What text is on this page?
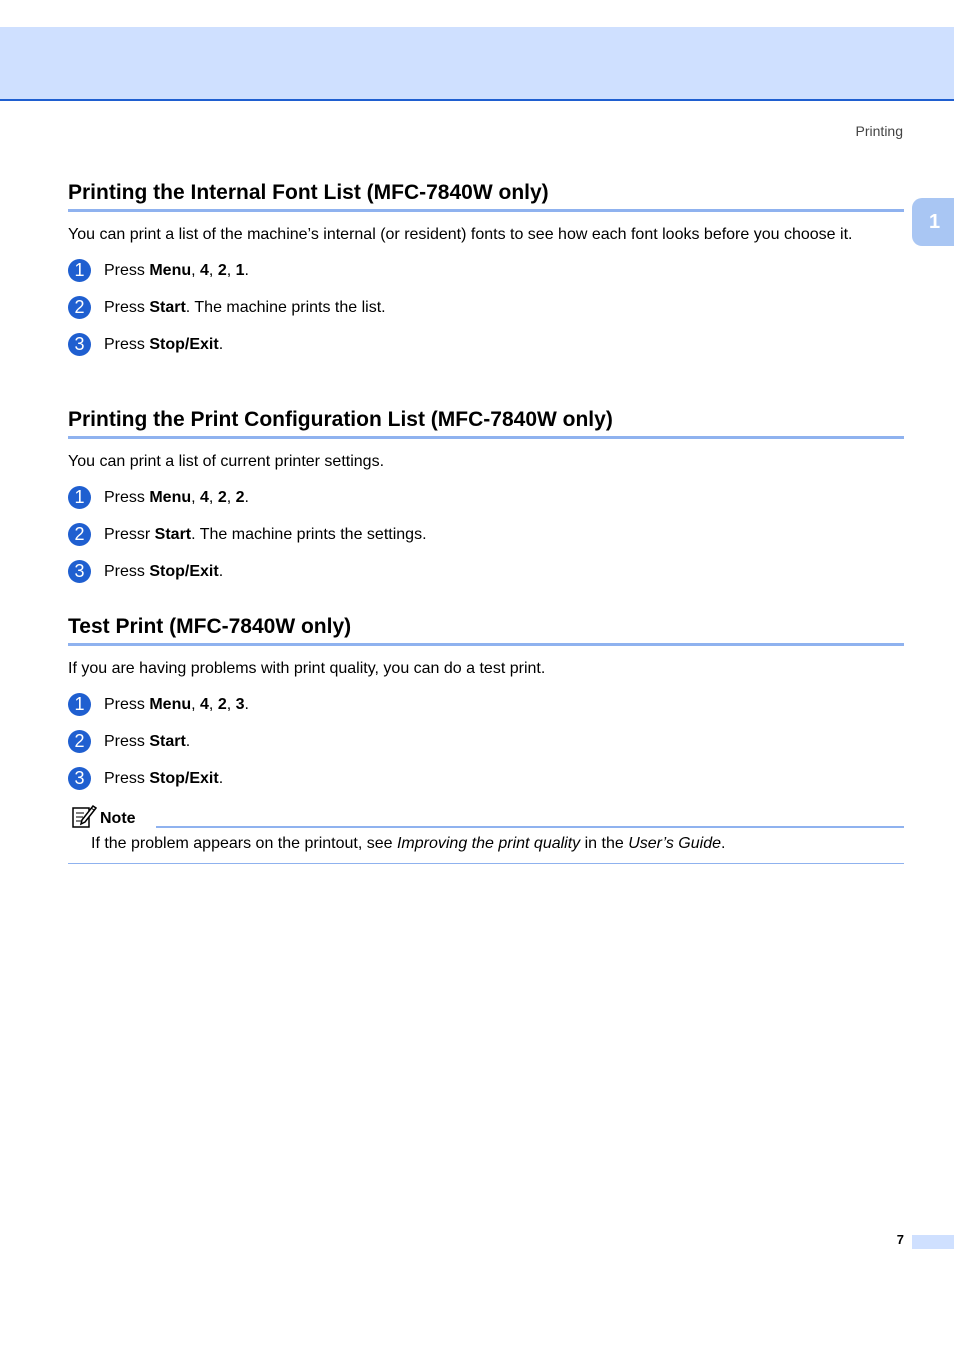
Printing
1
Printing the Internal Font List (MFC-7840W only)

You can print a list of the machine’s internal (or resident) fonts to see how each font looks before you choose it.

1	Press Menu, 4, 2, 1.
2	Press Start. The machine prints the list.
3	Press Stop/Exit.
Printing the Print Configuration List (MFC-7840W only)

You can print a list of current printer settings.

1	Press Menu, 4, 2, 2.
2	Pressr Start. The machine prints the settings.
3	Press Stop/Exit.
Test Print (MFC-7840W only)

If you are having problems with print quality, you can do a test print.

1	Press Menu, 4, 2, 3.
2	Press Start.
3	Press Stop/Exit.
Note
If the problem appears on the printout, see Improving the print quality in the User’s Guide.
7
